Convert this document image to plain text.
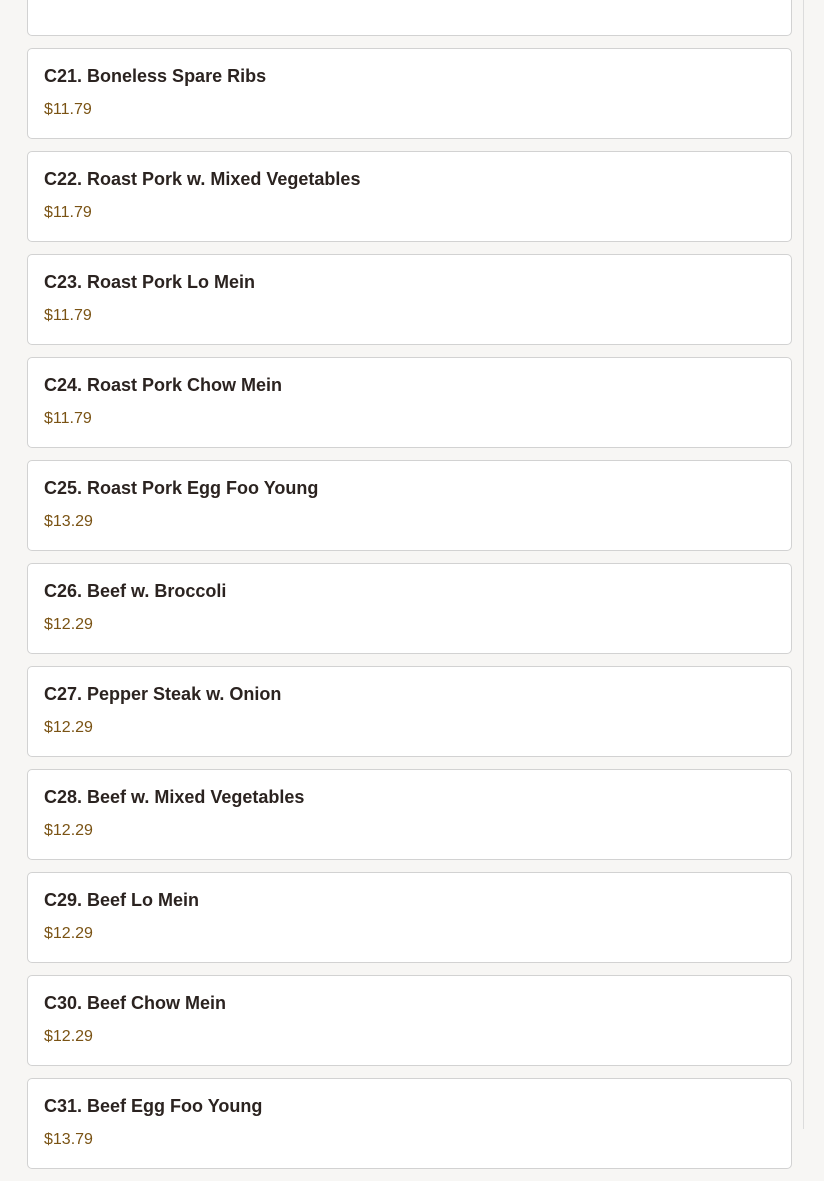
C21. Boneless Spare Ribs
$11.79
C22. Roast Pork w. Mixed Vegetables
$11.79
C23. Roast Pork Lo Mein
$11.79
C24. Roast Pork Chow Mein
$11.79
C25. Roast Pork Egg Foo Young
$13.29
C26. Beef w. Broccoli
$12.29
C27. Pepper Steak w. Onion
$12.29
C28. Beef w. Mixed Vegetables
$12.29
C29. Beef Lo Mein
$12.29
C30. Beef Chow Mein
$12.29
C31. Beef Egg Foo Young
$13.79
